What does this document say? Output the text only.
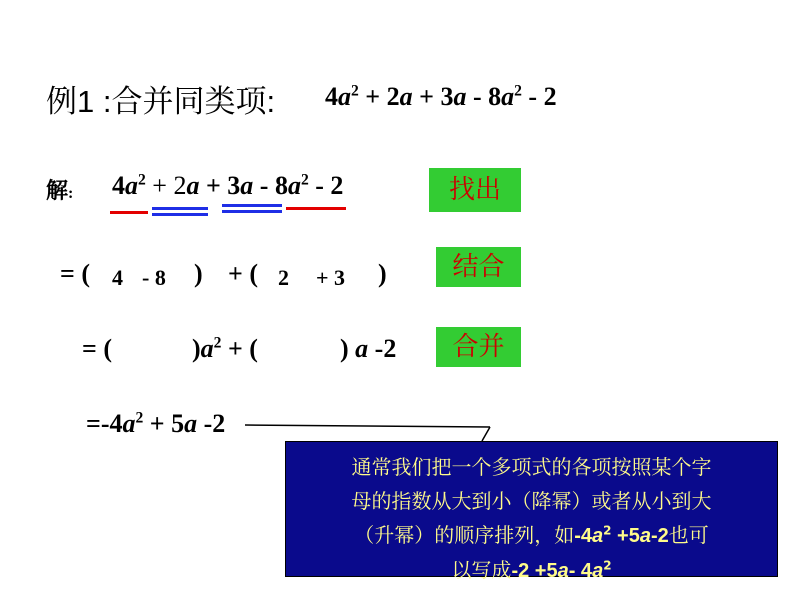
例1 :合并同类项: $4a^2 + 2a + 3a - 8a^2 - 2$
解: $4a^2 + 2a + 3a - 8a^2 - 2$
= ( 4 - 8 ) + ( 2 + 3 )
= (	)$a^2$ + (	) a -2
$=-4a^2 + 5a$ -2
找出
结合
合并
通常我们把一个多项式的各项按照某个字
母的指数从大到小（降幂）或者从小到大
（升幂）的顺序排列，如$-4a^2 +5a-2$也可
以写成-2 +5a- $4a^2$
